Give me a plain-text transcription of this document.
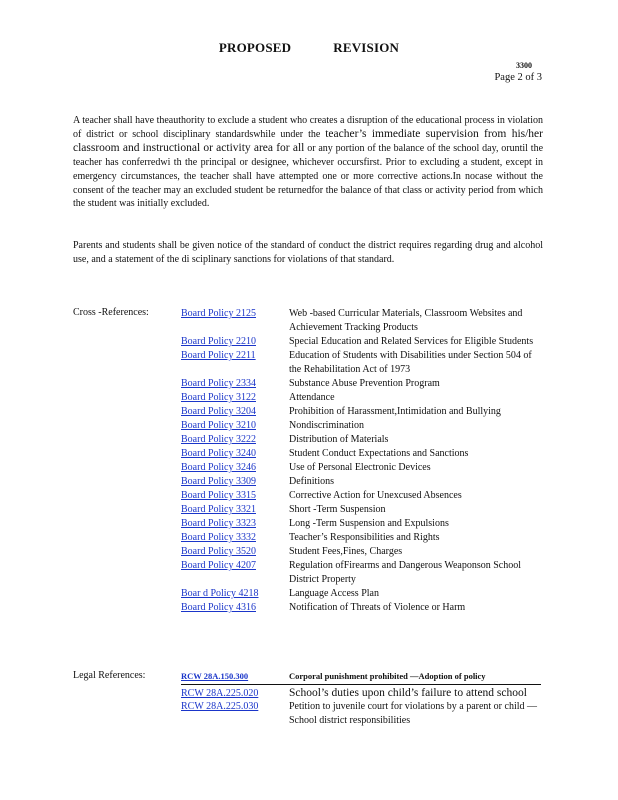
PROPOSED	REVISION
3300
Page 2 of 3
A teacher shall have theauthority to exclude a student who creates a disruption of the educational process in violation of district or school disciplinary standardswhile under the teacher’s immediate supervision from his/her classroom and instructional or activity area for all or any portion of the balance of the school day, oruntil the teacher has conferredwi th the principal or designee, whichever occursfirst. Prior to excluding a student, except in emergency circumstances, the teacher shall have attempted one or more corrective actions.In nocase without the consent of the teacher may an excluded student be returnedfor the balance of that class or activity period from which the student was initially excluded.
Parents and students shall be given notice of the standard of conduct the district requires regarding drug and alcohol use, and a statement of the di sciplinary sanctions for violations of that standard.
Cross -References:	Board Policy 2125	Web -based Curricular Materials, Classroom Websites and Achievement Tracking Products
Board Policy 2210	Special Education and Related Services for Eligible Students
Board Policy 2211	Education of Students with Disabilities under Section 504 of the Rehabilitation Act of 1973
Board Policy 2334	Substance Abuse Prevention Program
Board Policy 3122	Attendance
Board Policy 3204	Prohibition of Harassment,Intimidation and Bullying
Board Policy 3210	Nondiscrimination
Board Policy 3222	Distribution of Materials
Board Policy 3240	Student Conduct Expectations and Sanctions
Board Policy 3246	Use of Personal Electronic Devices
Board Policy 3309	Definitions
Board Policy 3315	Corrective Action for Unexcused Absences
Board Policy 3321	Short -Term Suspension
Board Policy 3323	Long -Term Suspension and Expulsions
Board Policy 3332	Teacher’s Responsibilities and Rights
Board Policy 3520	Student Fees,Fines, Charges
Board Policy 4207	Regulation ofFirearms and Dangerous Weaponson School District Property
Boar d Policy 4218	Language Access Plan
Board Policy 4316	Notification of Threats of Violence or Harm
Legal References:	RCW 28A.150.300	Corporal punishment prohibited —Adoption of policy
RCW 28A.225.020	School’s duties upon child’s failure to attend school
RCW 28A.225.030	Petition to juvenile court for violations by a parent or child —School district responsibilities
